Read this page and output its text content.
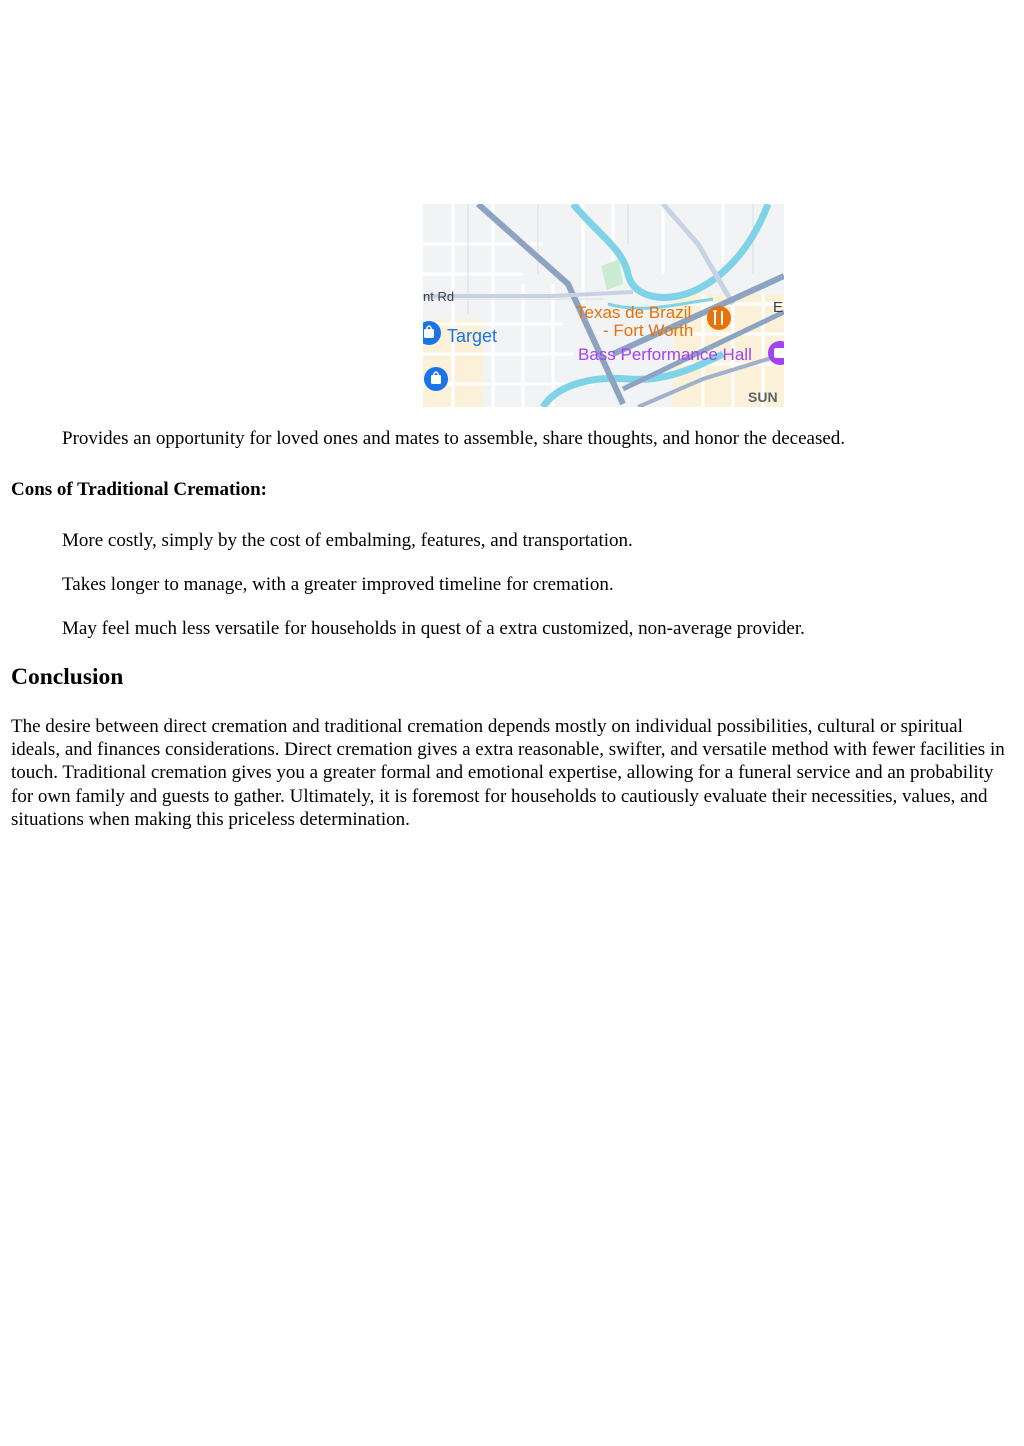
nt Rd
Target
Texas de Brazil
- Fort Worth
Bass Performance Hall
SUN
E

Provides an opportunity for loved ones and mates to assemble, share thoughts, and honor the deceased.

Cons of Traditional Cremation:

More costly, simply by the cost of embalming, features, and transportation.

Takes longer to manage, with a greater improved timeline for cremation.

May feel much less versatile for households in quest of a extra customized, non-average provider.

Conclusion

The desire between direct cremation and traditional cremation depends mostly on individual possibilities, cultural or spiritual ideals, and finances considerations. Direct cremation gives a extra reasonable, swifter, and versatile method with fewer facilities in touch. Traditional cremation gives you a greater formal and emotional expertise, allowing for a funeral service and an probability for own family and guests to gather. Ultimately, it is foremost for households to cautiously evaluate their necessities, values, and situations when making this priceless determination.
